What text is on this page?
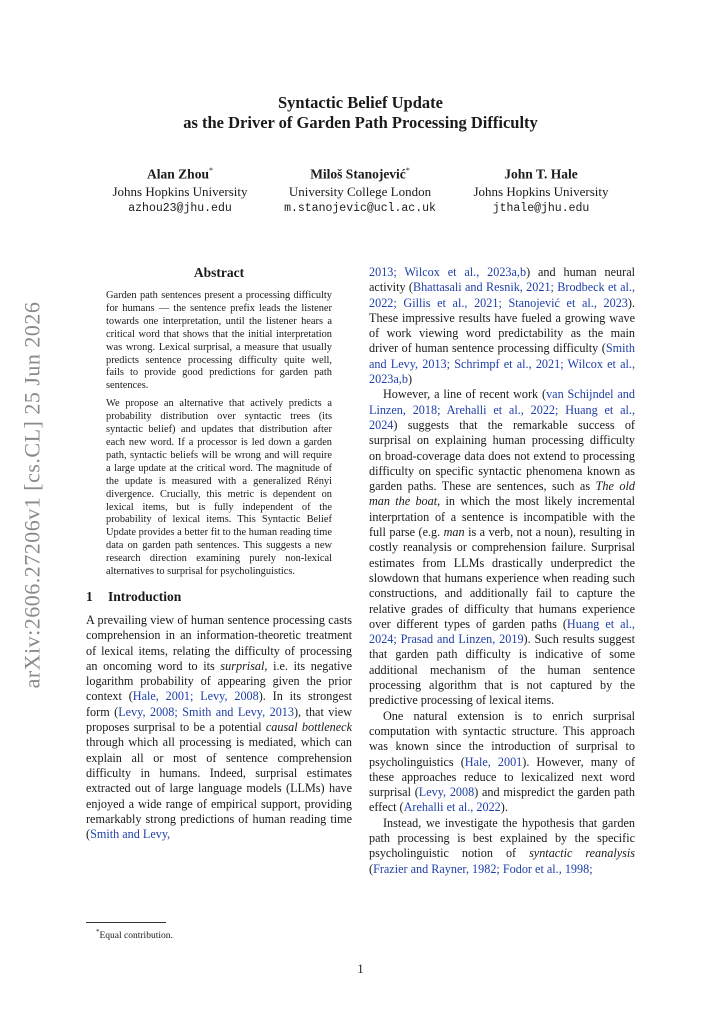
arXiv:2606.27206v1 [cs.CL] 25 Jun 2026
Syntactic Belief Update
as the Driver of Garden Path Processing Difficulty
Alan Zhou*
Johns Hopkins University
azhou23@jhu.edu
Miloš Stanojević*
University College London
m.stanojevic@ucl.ac.uk
John T. Hale
Johns Hopkins University
jthale@jhu.edu
Abstract

Garden path sentences present a processing difficulty for humans — the sentence prefix leads the listener towards one interpretation, until the listener hears a critical word that shows that the initial interpretation was wrong. Lexical surprisal, a measure that usually predicts sentence processing difficulty quite well, fails to provide good predictions for garden path sentences.

We propose an alternative that actively predicts a probability distribution over syntactic trees (its syntactic belief) and updates that distribution after each new word. If a processor is led down a garden path, syntactic beliefs will be wrong and will require a large update at the critical word. The magnitude of the update is measured with a generalized Rényi divergence. Crucially, this metric is dependent on lexical items, but is fully independent of the probability of lexical items. This Syntactic Belief Update provides a better fit to the human reading time data on garden path sentences. This suggests a new research direction examining purely non-lexical alternatives to surprisal for psycholinguistics.

1 Introduction

A prevailing view of human sentence processing casts comprehension in an information-theoretic treatment of lexical items, relating the difficulty of processing an oncoming word to its surprisal, i.e. its negative logarithm probability of appearing given the prior context (Hale, 2001; Levy, 2008). In its strongest form (Levy, 2008; Smith and Levy, 2013), that view proposes surprisal to be a potential causal bottleneck through which all processing is mediated, which can explain all or most of sentence comprehension difficulty in humans. Indeed, surprisal estimates extracted out of large language models (LLMs) have enjoyed a wide range of empirical support, providing remarkably strong predictions of human reading time (Smith and Levy,

2013; Wilcox et al., 2023a,b) and human neural activity (Bhattasali and Resnik, 2021; Brodbeck et al., 2022; Gillis et al., 2021; Stanojević et al., 2023). These impressive results have fueled a growing wave of work viewing word predictability as the main driver of human sentence processing difficulty (Smith and Levy, 2013; Schrimpf et al., 2021; Wilcox et al., 2023a,b)

However, a line of recent work (van Schijndel and Linzen, 2018; Arehalli et al., 2022; Huang et al., 2024) suggests that the remarkable success of surprisal on explaining human processing difficulty on broad-coverage data does not extend to processing difficulty on specific syntactic phenomena known as garden paths. These are sentences, such as The old man the boat, in which the most likely incremental interprtation of a sentence is incompatible with the full parse (e.g. man is a verb, not a noun), resulting in costly reanalysis or comprehension failure. Surprisal estimates from LLMs drastically underpredict the slowdown that humans experience when reading such constructions, and additionally fail to capture the relative grades of difficulty that humans experience over different types of garden paths (Huang et al., 2024; Prasad and Linzen, 2019). Such results suggest that garden path difficulty is indicative of some additional mechanism of the human sentence processing algorithm that is not captured by the predictive processing of lexical items.

One natural extension is to enrich surprisal computation with syntactic structure. This approach was known since the introduction of surprisal to psycholinguistics (Hale, 2001). However, many of these approaches reduce to lexicalized next word surprisal (Levy, 2008) and mispredict the garden path effect (Arehalli et al., 2022).

Instead, we investigate the hypothesis that garden path processing is best explained by the specific psycholinguistic notion of syntactic reanalysis (Frazier and Rayner, 1982; Fodor et al., 1998;

*Equal contribution.
1
